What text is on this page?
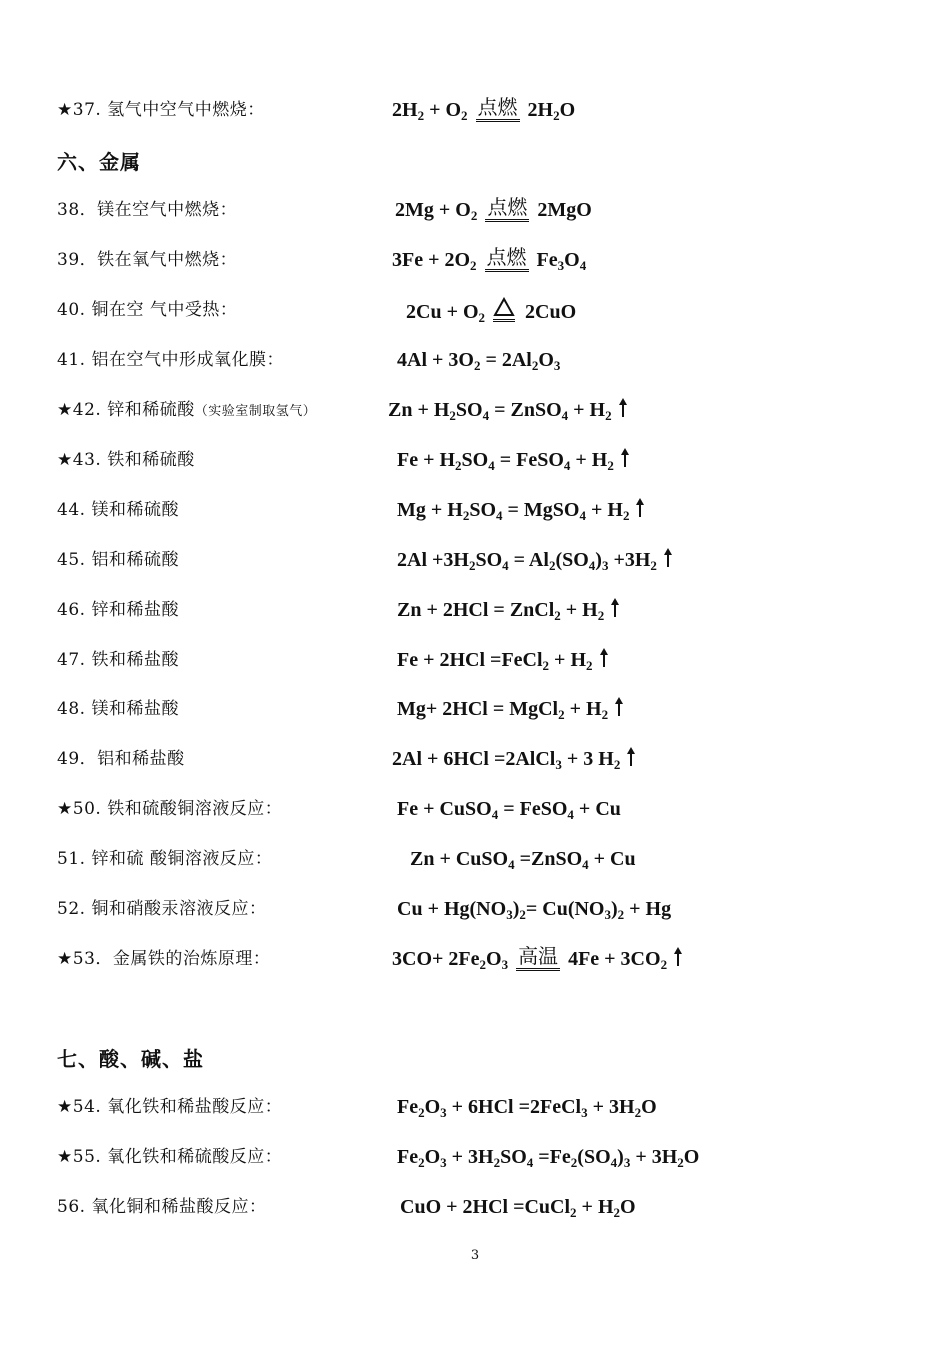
★37. 氢气中空气中燃烧：	$2H_2 + O_2$ 点燃 $2H_2O$
六、金属
38．镁在空气中燃烧：	$2Mg + O_2$ 点燃 2MgO
39．铁在氧气中燃烧：	$3Fe + 2O_2$ 点燃 $Fe_3O_4$
40. 铜在空 气中受热：	$2Cu + O_2$ 2CuO
41. 铝在空气中形成氧化膜：	$4Al + 3O_2 = 2Al_2O_3$
★42. 锌和稀硫酸（实验室制取氢气）	$Zn + H_2SO_4$ = ZnSO$_4$ + $H_2$
★43. 铁和稀硫酸	$Fe + H_2SO_4$ = FeSO$_4$ + $H_2$
44. 镁和稀硫酸	$Mg + H_2SO_4$ = MgSO$_4$ + $H_2$
45. 铝和稀硫酸	$2Al +3H_2SO_4 = Al_2(SO_4)_3 +3H_2$
46. 锌和稀盐酸	Zn + 2HCl = ZnCl$_2$ + $H_2$
47. 铁和稀盐酸	Fe + 2HCl =FeCl$_2$ + $H_2$
48. 镁和稀盐酸	Mg+ 2HCl = MgCl$_2$ + $H_2$
49．铝和稀盐酸	2Al + 6HCl =2AlCl$_3$ + 3 $H_2$
★50. 铁和硫酸铜溶液反应：	Fe + CuSO$_4$ = FeSO$_4$ + Cu
51. 锌和硫 酸铜溶液反应：	Zn + CuSO$_4$ =ZnSO$_4$ + Cu
52. 铜和硝酸汞溶液反应：	$Cu + Hg(NO_3)_2= Cu(NO_3)_2 + Hg$
★53．金属铁的治炼原理：	$3CO+ 2Fe_2O_3$ 高温 $4Fe + 3CO_2$
七、酸、碱、盐
★54. 氧化铁和稀盐酸反应：	$Fe_2O_3 + 6HCl$ =2FeCl$_3$ + $3H_2O$
★55. 氧化铁和稀硫酸反应：	$Fe_2O_3 + 3H_2SO_4 =Fe_2(SO_4)_3 + 3H_2O$
56. 氧化铜和稀盐酸反应：	CuO + 2HCl =CuCl$_2$ + $H_2O$
3
